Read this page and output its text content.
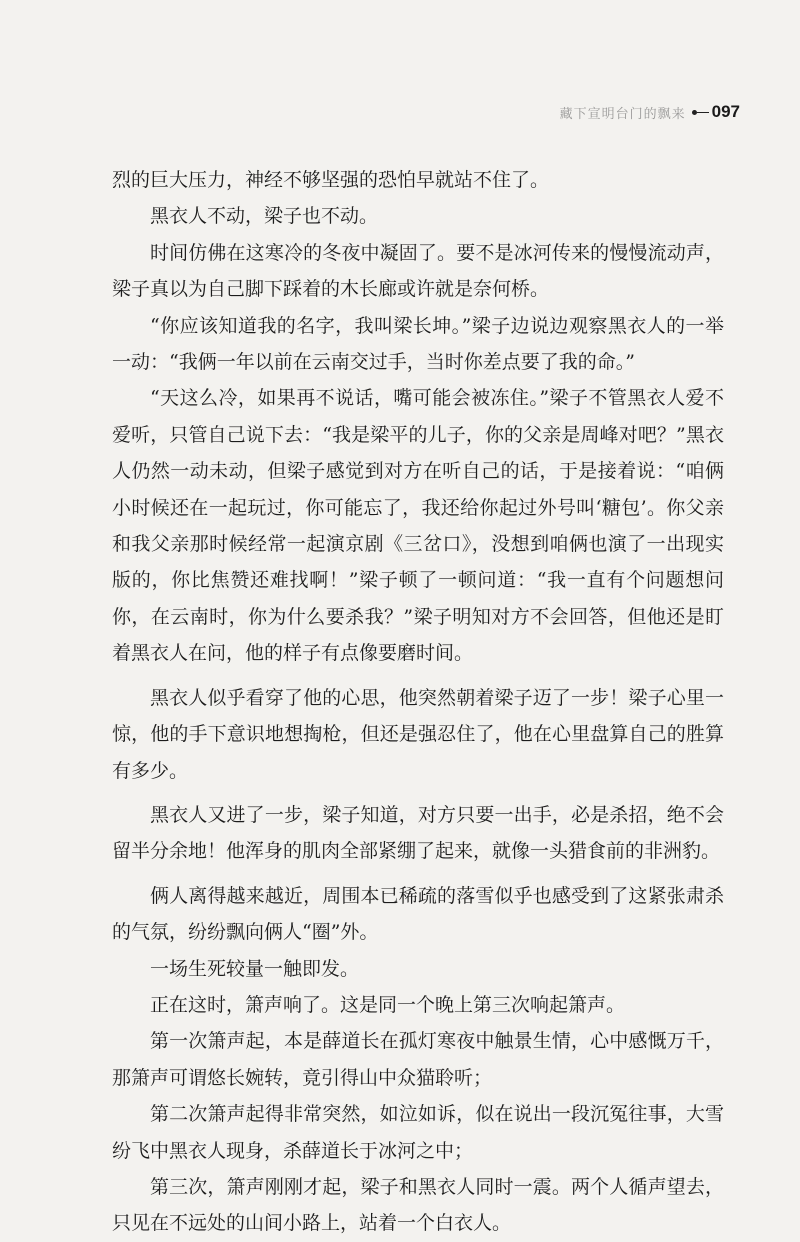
藏下宣明台门的飘来 097

烈的巨大压力，神经不够坚强的恐怕早就站不住了。

黑衣人不动，梁子也不动。

时间仿佛在这寒冷的冬夜中凝固了。要不是冰河传来的慢慢流动声，梁子真以为自己脚下踩着的木长廊或许就是奈何桥。

“你应该知道我的名字，我叫梁长坤。”梁子边说边观察黑衣人的一举一动：“我俩一年以前在云南交过手，当时你差点要了我的命。”

“天这么冷，如果再不说话，嘴可能会被冻住。”梁子不管黑衣人爱不爱听，只管自己说下去：“我是梁平的儿子，你的父亲是周峰对吧？”黑衣人仍然一动未动，但梁子感觉到对方在听自己的话，于是接着说：“咱俩小时候还在一起玩过，你可能忘了，我还给你起过外号叫‘糖包’。你父亲和我父亲那时候经常一起演京剧《三岔口》，没想到咱俩也演了一出现实版的，你比焦赞还难找啊！”梁子顿了一顿问道：“我一直有个问题想问你，在云南时，你为什么要杀我？”梁子明知对方不会回答，但他还是盯着黑衣人在问，他的样子有点像要磨时间。

黑衣人似乎看穿了他的心思，他突然朝着梁子迈了一步！梁子心里一惊，他的手下意识地想掏枪，但还是强忍住了，他在心里盘算自己的胜算有多少。

黑衣人又进了一步，梁子知道，对方只要一出手，必是杀招，绝不会留半分余地！他浑身的肌肉全部紧绷了起来，就像一头猎食前的非洲豹。

俩人离得越来越近，周围本已稀疏的落雪似乎也感受到了这紧张肃杀的气氛，纷纷飘向俩人“圈”外。

一场生死较量一触即发。

正在这时，箫声响了。这是同一个晚上第三次响起箫声。

第一次箫声起，本是薛道长在孤灯寒夜中触景生情，心中感慨万千，那箫声可谓悠长婉转，竟引得山中众猫聆听；

第二次箫声起得非常突然，如泣如诉，似在说出一段沉冤往事，大雪纷飞中黑衣人现身，杀薛道长于冰河之中；

第三次，箫声刚刚才起，梁子和黑衣人同时一震。两个人循声望去，只见在不远处的山间小路上，站着一个白衣人。
